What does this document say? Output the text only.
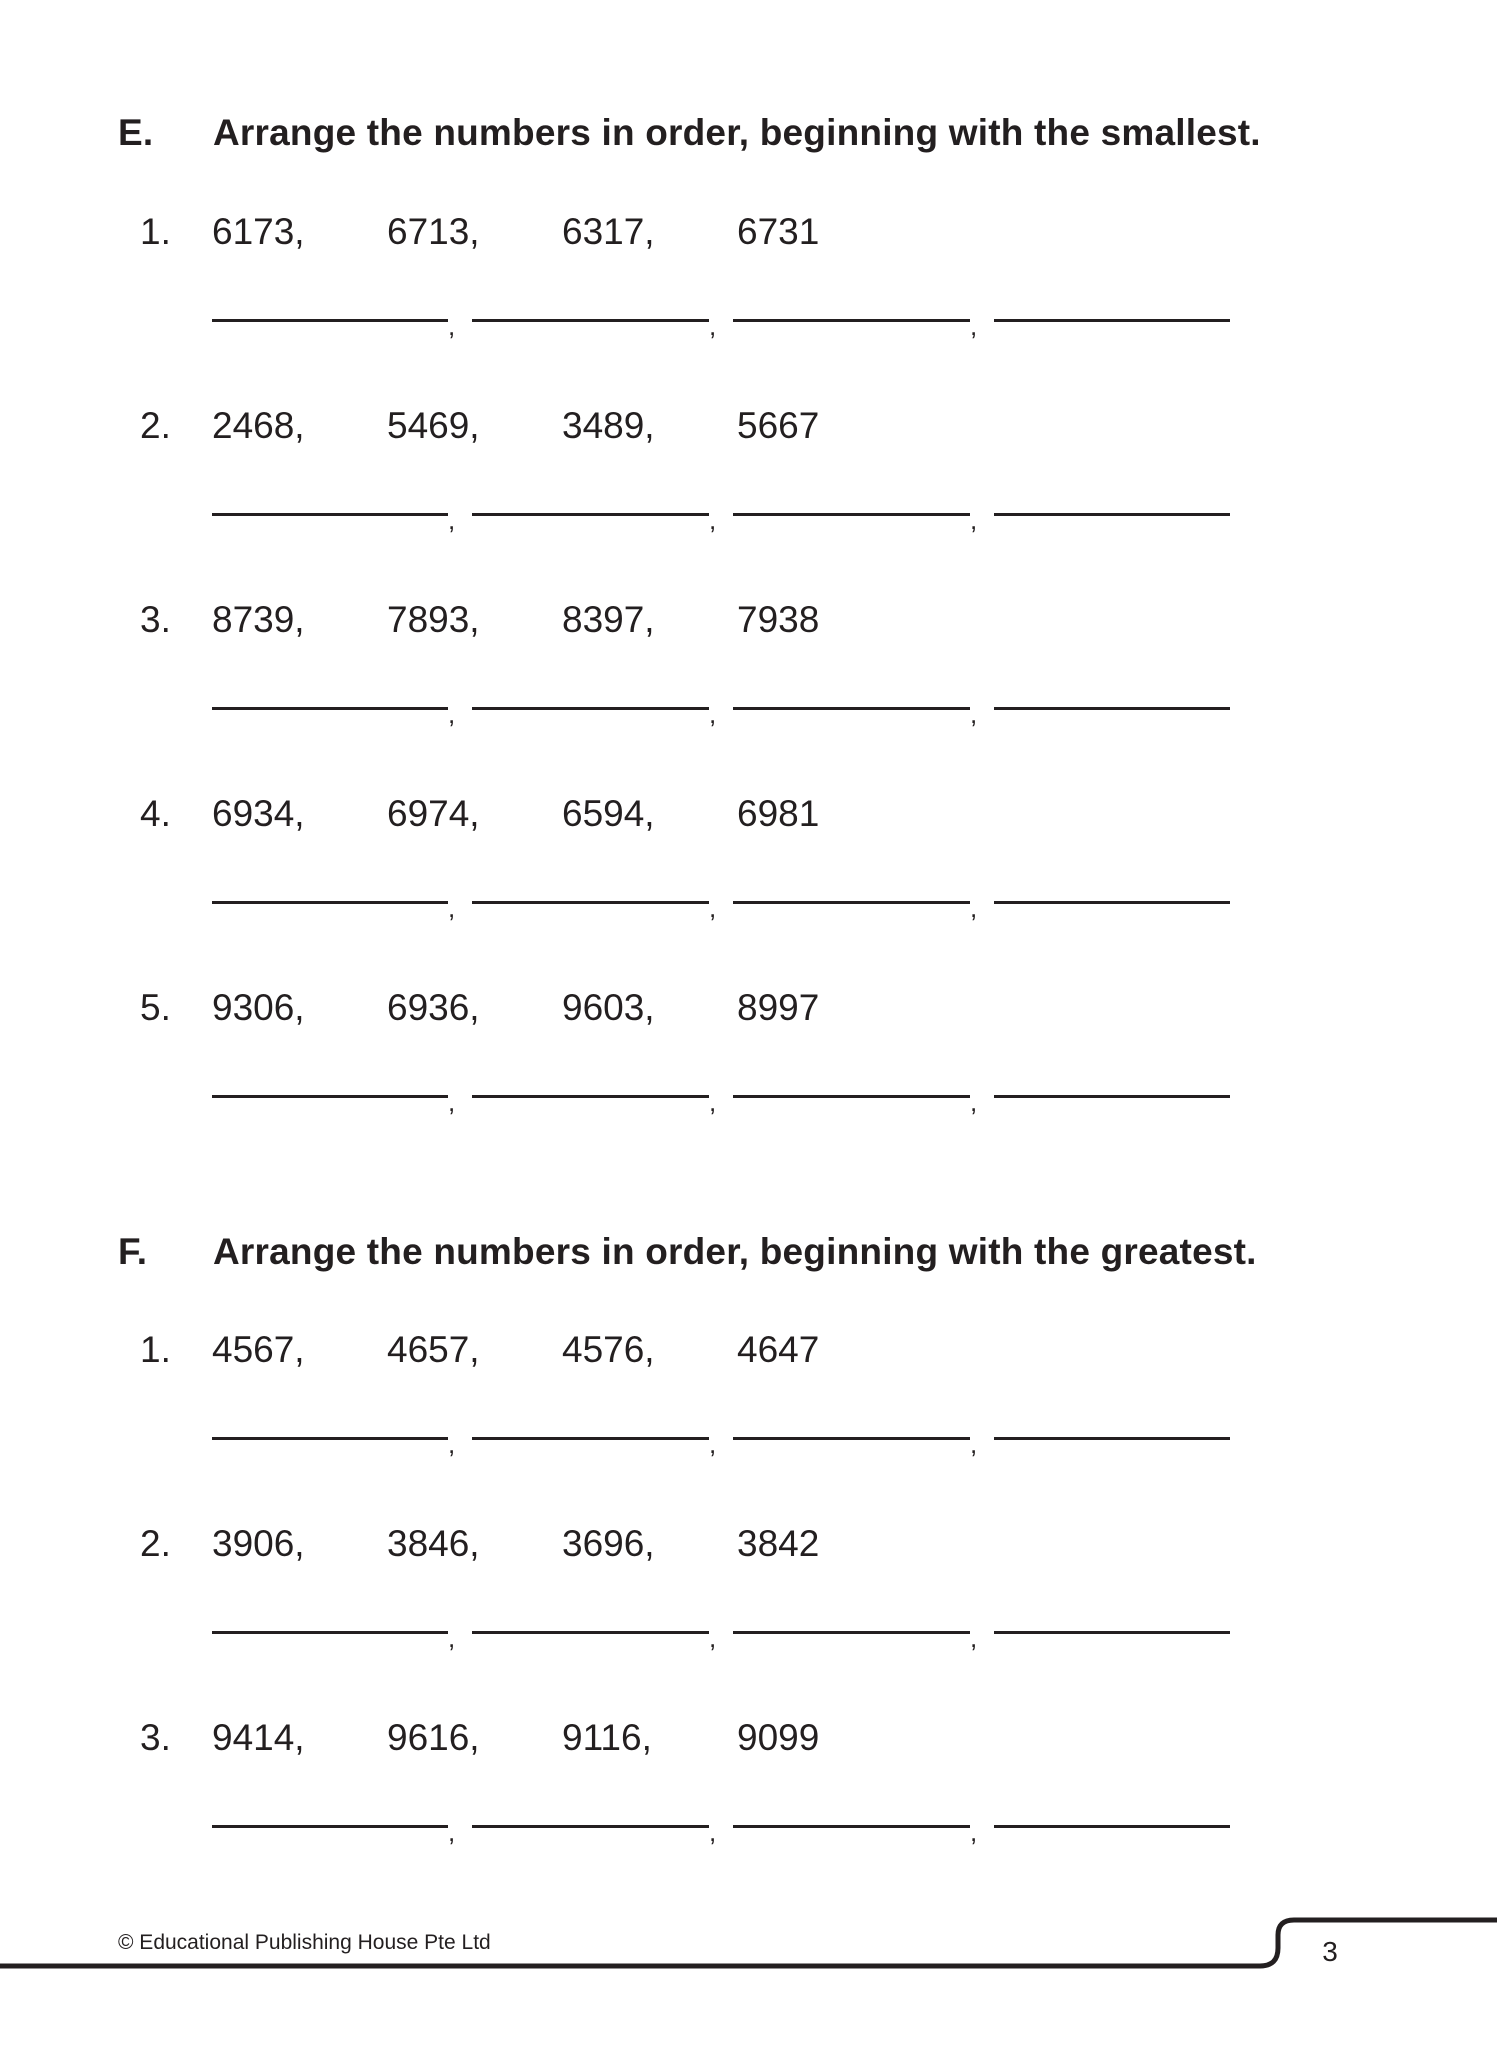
E.	Arrange the numbers in order, beginning with the smallest.
1.	6173, 6713, 6317, 6731
,	,	,
2.	2468, 5469, 3489, 5667
,	,	,
3.	8739, 7893, 8397, 7938
,	,	,
4.	6934, 6974, 6594, 6981
,	,	,
5.	9306, 6936, 9603, 8997
,	,	,
F.	Arrange the numbers in order, beginning with the greatest.
1.	4567, 4657, 4576, 4647
,	,	,
2.	3906, 3846, 3696, 3842
,	,	,
3.	9414, 9616, 9116, 9099
,	,	,
© Educational Publishing House Pte Ltd	3
